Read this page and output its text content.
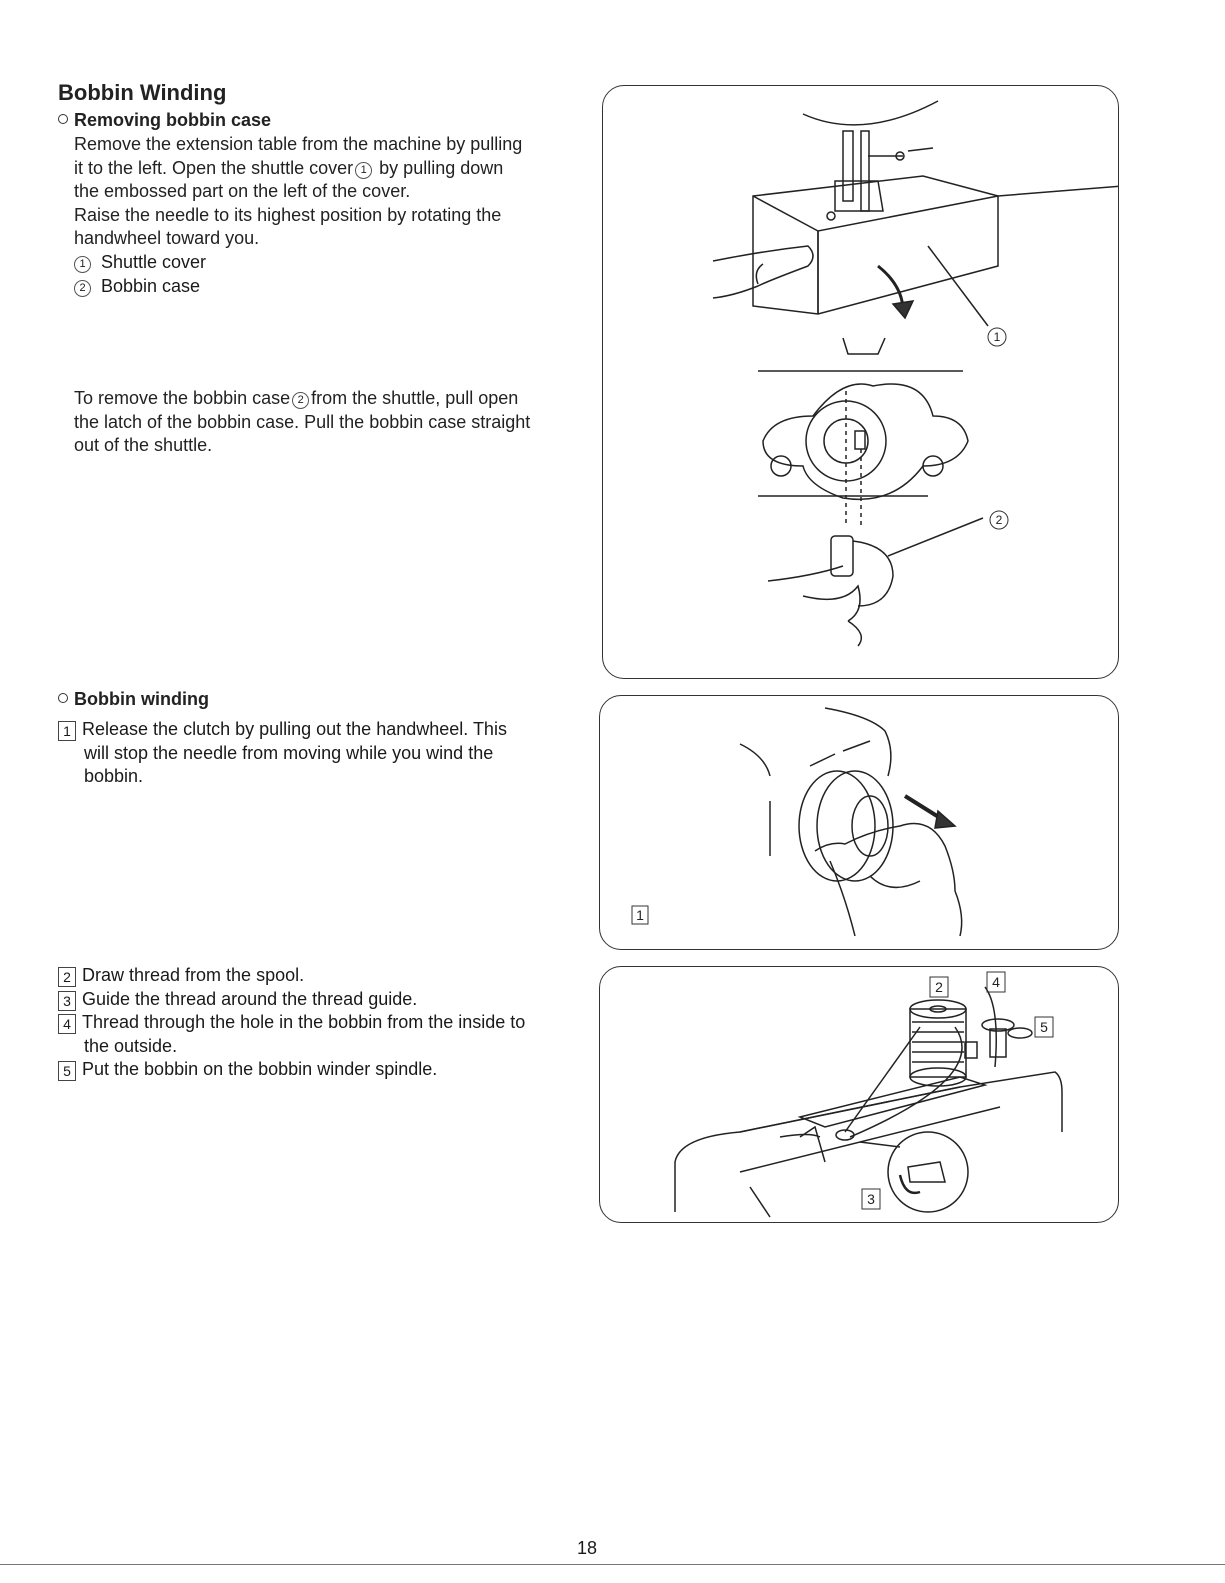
Bobbin Winding
Removing bobbin case

Remove the extension table from the machine by pulling

it to the left. Open the shuttle cover 1 by pulling down

the embossed part on the left of the cover.

Raise the needle to its highest position by rotating the

handwheel toward you.

1 Shuttle cover
2 Bobbin case

To remove the bobbin case 2 from the shuttle, pull open

the latch of the bobbin case. Pull the bobbin case straight

out of the shuttle.

Bobbin winding
1 Release the clutch by pulling out the handwheel. This
will stop the needle from moving while you wind the
bobbin.
2 Draw thread from the spool.
3 Guide the thread around the thread guide.
4 Thread through the hole in the bobbin from the inside to
the outside.
5 Put the bobbin on the bobbin winder spindle.
1
2
1
2	4
5
3
18
